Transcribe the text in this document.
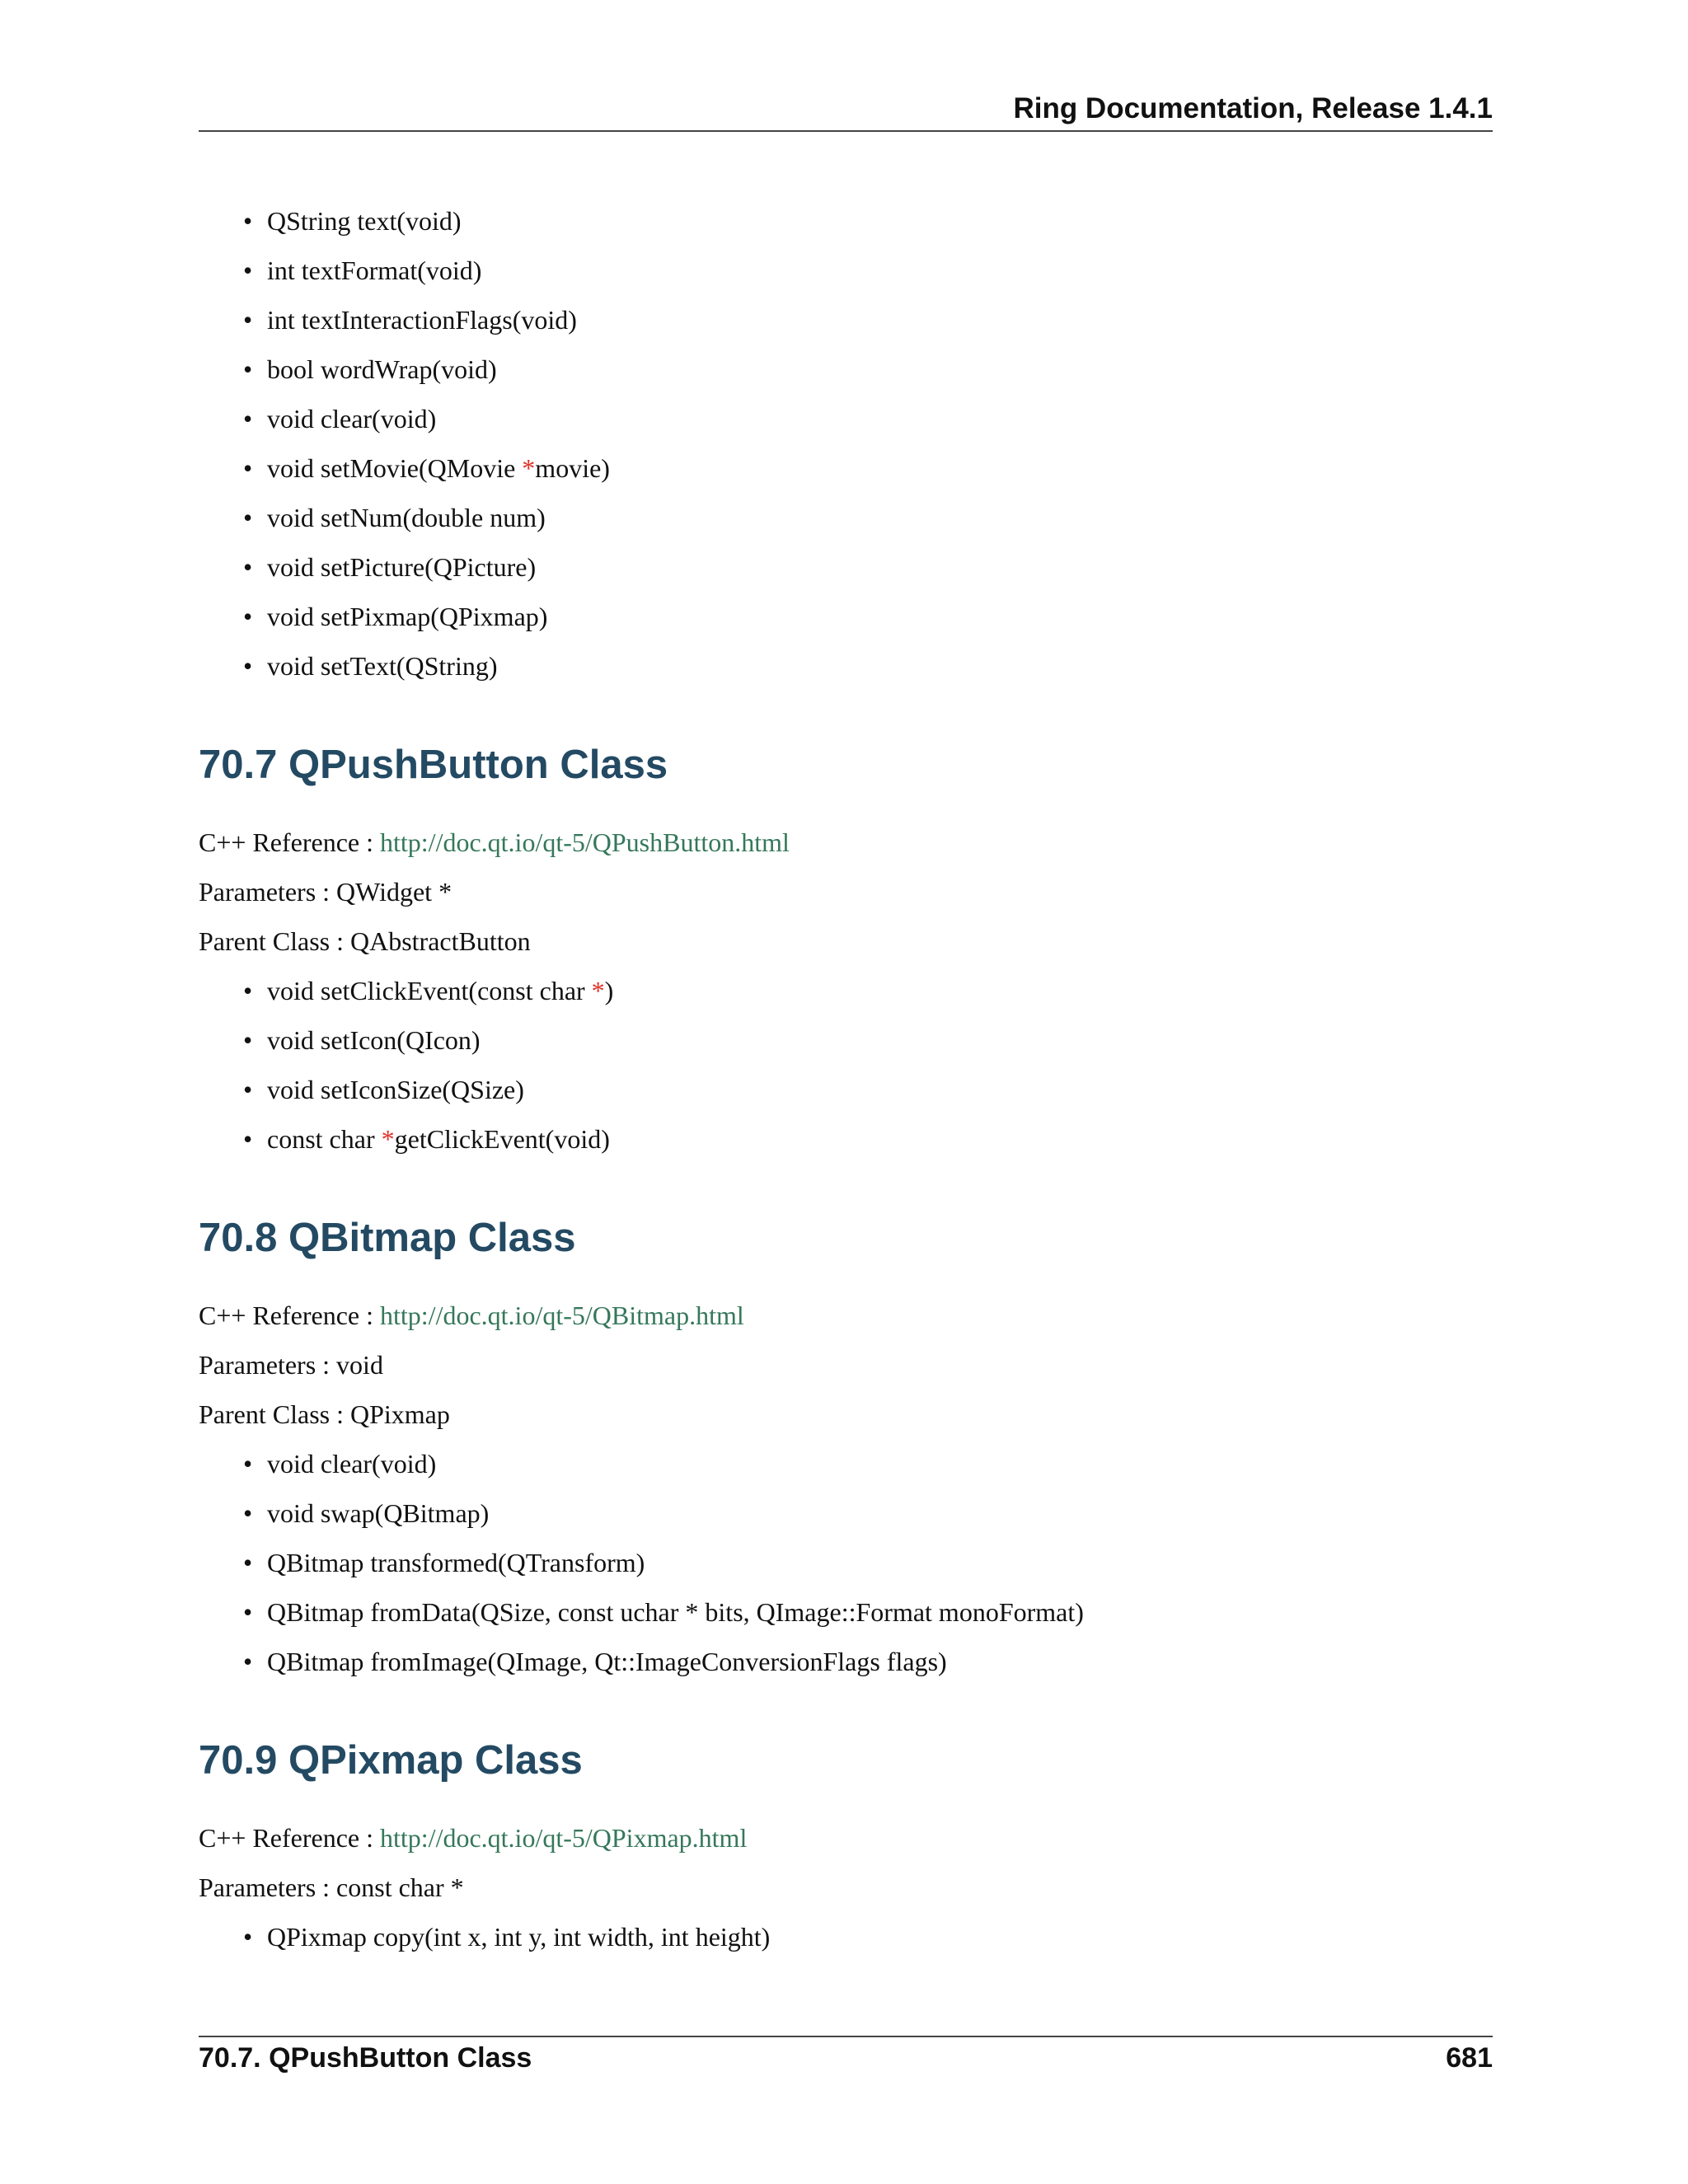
Ring Documentation, Release 1.4.1
• QString text(void)
• int textFormat(void)
• int textInteractionFlags(void)
• bool wordWrap(void)
• void clear(void)
• void setMovie(QMovie *movie)
• void setNum(double num)
• void setPicture(QPicture)
• void setPixmap(QPixmap)
• void setText(QString)
70.7 QPushButton Class
C++ Reference : http://doc.qt.io/qt-5/QPushButton.html
Parameters : QWidget *
Parent Class : QAbstractButton
• void setClickEvent(const char *)
• void setIcon(QIcon)
• void setIconSize(QSize)
• const char *getClickEvent(void)
70.8 QBitmap Class
C++ Reference : http://doc.qt.io/qt-5/QBitmap.html
Parameters : void
Parent Class : QPixmap
• void clear(void)
• void swap(QBitmap)
• QBitmap transformed(QTransform)
• QBitmap fromData(QSize, const uchar * bits, QImage::Format monoFormat)
• QBitmap fromImage(QImage, Qt::ImageConversionFlags flags)
70.9 QPixmap Class
C++ Reference : http://doc.qt.io/qt-5/QPixmap.html
Parameters : const char *
• QPixmap copy(int x, int y, int width, int height)
70.7. QPushButton Class	681
